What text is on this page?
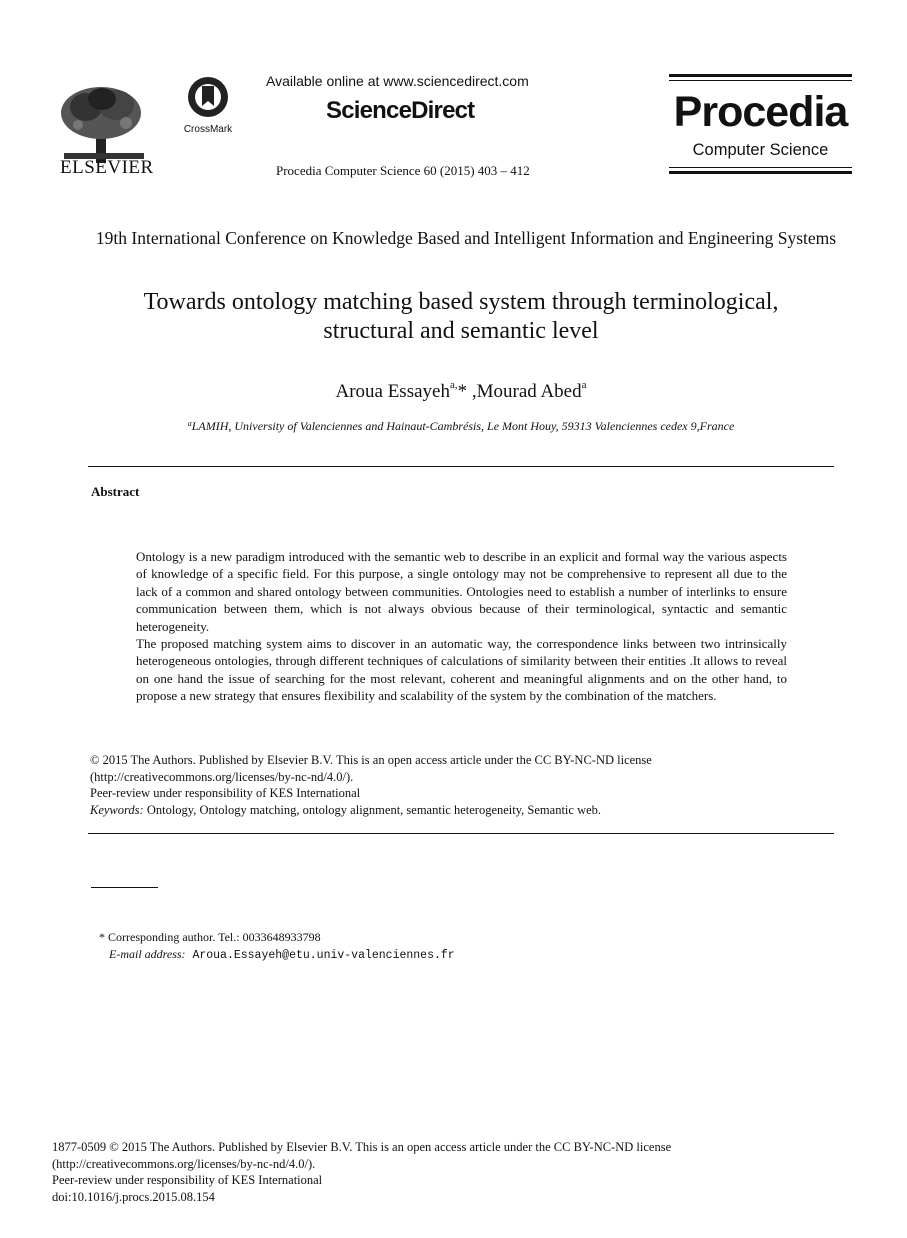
ELSEVIER
CrossMark
Available online at www.sciencedirect.com
ScienceDirect
Procedia Computer Science 60 (2015) 403 – 412
Procedia
Computer Science
19th International Conference on Knowledge Based and Intelligent Information and Engineering Systems
Towards ontology matching based system through terminological,
structural and semantic level
Aroua Essayeh$^{a,}$* ,Mourad Abed$^a$
$^a$LAMIH, University of Valenciennes and Hainaut-Cambrésis, Le Mont Houy, 59313 Valenciennes cedex 9,France
Abstract

Ontology is a new paradigm introduced with the semantic web to describe in an explicit and formal way the various aspects of knowledge of a specific field. For this purpose, a single ontology may not be comprehensive to represent all due to the lack of a common and shared ontology between communities. Ontologies need to establish a number of interlinks to ensure communication between them, which is not always obvious because of their terminological, syntactic and semantic heterogeneity.

The proposed matching system aims to discover in an automatic way, the correspondence links between two intrinsically heterogeneous ontologies, through different techniques of calculations of similarity between their entities .It allows to reveal on one hand the issue of searching for the most relevant, coherent and meaningful alignments and on the other hand, to propose a new strategy that ensures flexibility and scalability of the system by the combination of the matchers.

© 2015 The Authors. Published by Elsevier B.V. This is an open access article under the CC BY-NC-ND license

(http://creativecommons.org/licenses/by-nc-nd/4.0/).

Peer-review under responsibility of KES International

Keywords: Ontology, Ontology matching, ontology alignment, semantic heterogeneity, Semantic web.
* Corresponding author. Tel.: 0033648933798
E-mail address: Aroua.Essayeh@etu.univ-valenciennes.fr

1877-0509 © 2015 The Authors. Published by Elsevier B.V. This is an open access article under the CC BY-NC-ND license

(http://creativecommons.org/licenses/by-nc-nd/4.0/).

Peer-review under responsibility of KES International

doi:10.1016/j.procs.2015.08.154
